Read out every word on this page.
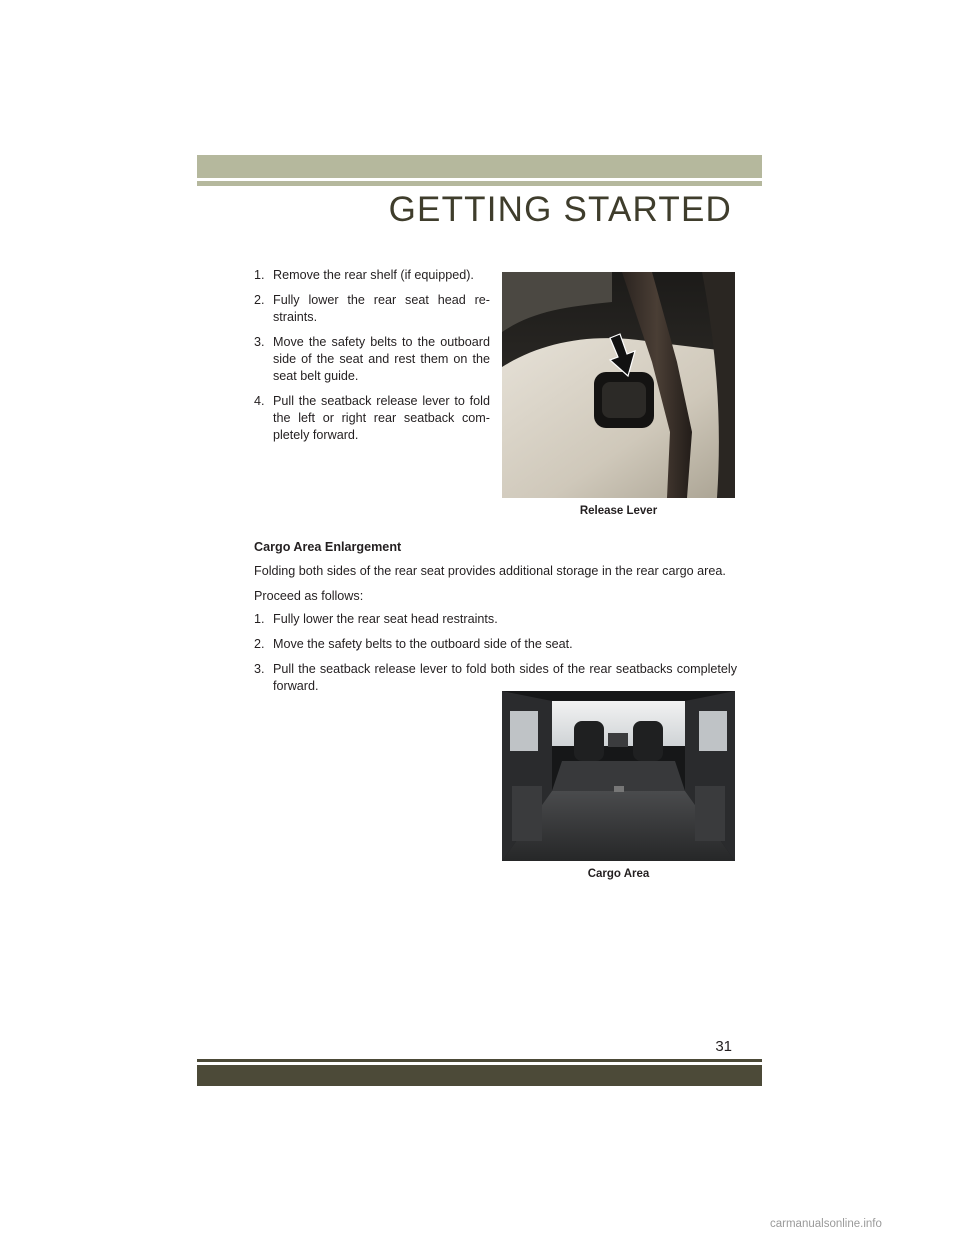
GETTING STARTED
1. Remove the rear shelf (if equipped).
2. Fully lower the rear seat head re-straints.
3. Move the safety belts to the outboard side of the seat and rest them on the seat belt guide.
4. Pull the seatback release lever to fold the left or right rear seatback com-pletely forward.
Release Lever
Cargo Area Enlargement

Folding both sides of the rear seat provides additional storage in the rear cargo area.

Proceed as follows:

1. Fully lower the rear seat head restraints.
2. Move the safety belts to the outboard side of the seat.
3. Pull the seatback release lever to fold both sides of the rear seatbacks completely forward.
Cargo Area
31
carmanualsonline.info
